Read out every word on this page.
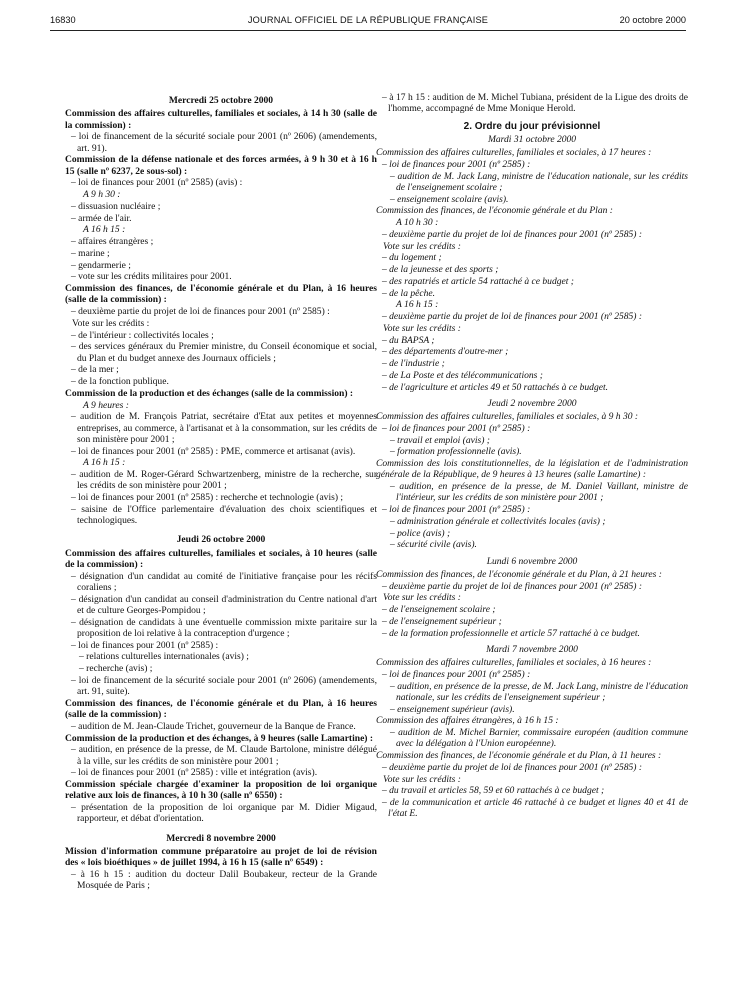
16830	JOURNAL OFFICIEL DE LA RÉPUBLIQUE FRANÇAISE	20 octobre 2000
Mercredi 25 octobre 2000

Commission des affaires culturelles, familiales et sociales, à 14 h 30 (salle de la commission) :

– loi de financement de la sécurité sociale pour 2001 (nº 2606) (amendements, art. 91).

Commission de la défense nationale et des forces armées, à 9 h 30 et à 16 h 15 (salle nº 6237, 2e sous-sol) :

– loi de finances pour 2001 (nº 2585) (avis) :

A 9 h 30 :

– dissuasion nucléaire ;

– armée de l'air.

A 16 h 15 :

– affaires étrangères ;

– marine ;

– gendarmerie ;

– vote sur les crédits militaires pour 2001.

Commission des finances, de l'économie générale et du Plan, à 16 heures (salle de la commission) :

– deuxième partie du projet de loi de finances pour 2001 (nº 2585) :

Vote sur les crédits :

– de l'intérieur : collectivités locales ;

– des services généraux du Premier ministre, du Conseil économique et social, du Plan et du budget annexe des Journaux officiels ;

– de la mer ;

– de la fonction publique.

Commission de la production et des échanges (salle de la commission) :

A 9 heures :

– audition de M. François Patriat, secrétaire d'Etat aux petites et moyennes entreprises, au commerce, à l'artisanat et à la consommation, sur les crédits de son ministère pour 2001 ;

– loi de finances pour 2001 (nº 2585) : PME, commerce et artisanat (avis).

A 16 h 15 :

– audition de M. Roger-Gérard Schwartzenberg, ministre de la recherche, sur les crédits de son ministère pour 2001 ;

– loi de finances pour 2001 (nº 2585) : recherche et technologie (avis) ;

– saisine de l'Office parlementaire d'évaluation des choix scientifiques et technologiques.

Jeudi 26 octobre 2000

Commission des affaires culturelles, familiales et sociales, à 10 heures (salle de la commission) :

– désignation d'un candidat au comité de l'initiative française pour les récifs coraliens ;

– désignation d'un candidat au conseil d'administration du Centre national d'art et de culture Georges-Pompidou ;

– désignation de candidats à une éventuelle commission mixte paritaire sur la proposition de loi relative à la contraception d'urgence ;

– loi de finances pour 2001 (nº 2585) :

– relations culturelles internationales (avis) ;

– recherche (avis) ;

– loi de financement de la sécurité sociale pour 2001 (nº 2606) (amendements, art. 91, suite).

Commission des finances, de l'économie générale et du Plan, à 16 heures (salle de la commission) :

– audition de M. Jean-Claude Trichet, gouverneur de la Banque de France.

Commission de la production et des échanges, à 9 heures (salle Lamartine) :

– audition, en présence de la presse, de M. Claude Bartolone, ministre délégué à la ville, sur les crédits de son ministère pour 2001 ;

– loi de finances pour 2001 (nº 2585) : ville et intégration (avis).

Commission spéciale chargée d'examiner la proposition de loi organique relative aux lois de finances, à 10 h 30 (salle nº 6550) :

– présentation de la proposition de loi organique par M. Didier Migaud, rapporteur, et débat d'orientation.

Mercredi 8 novembre 2000

Mission d'information commune préparatoire au projet de loi de révision des « lois bioéthiques » de juillet 1994, à 16 h 15 (salle nº 6549) :

– à 16 h 15 : audition du docteur Dalil Boubakeur, recteur de la Grande Mosquée de Paris ;

– à 17 h 15 : audition de M. Michel Tubiana, président de la Ligue des droits de l'homme, accompagné de Mme Monique Herold.

2. Ordre du jour prévisionnel
Mardi 31 octobre 2000

Commission des affaires culturelles, familiales et sociales, à 17 heures :

– loi de finances pour 2001 (nº 2585) :

– audition de M. Jack Lang, ministre de l'éducation nationale, sur les crédits de l'enseignement scolaire ;

– enseignement scolaire (avis).

Commission des finances, de l'économie générale et du Plan :

A 10 h 30 :

– deuxième partie du projet de loi de finances pour 2001 (nº 2585) :

Vote sur les crédits :

– du logement ;

– de la jeunesse et des sports ;

– des rapatriés et article 54 rattaché à ce budget ;

– de la pêche.

A 16 h 15 :

– deuxième partie du projet de loi de finances pour 2001 (nº 2585) :

Vote sur les crédits :

– du BAPSA ;

– des départements d'outre-mer ;

– de l'industrie ;

– de La Poste et des télécommunications ;

– de l'agriculture et articles 49 et 50 rattachés à ce budget.

Jeudi 2 novembre 2000

Commission des affaires culturelles, familiales et sociales, à 9 h 30 :

– loi de finances pour 2001 (nº 2585) :

– travail et emploi (avis) ;

– formation professionnelle (avis).

Commission des lois constitutionnelles, de la législation et de l'administration générale de la République, de 9 heures à 13 heures (salle Lamartine) :

– audition, en présence de la presse, de M. Daniel Vaillant, ministre de l'intérieur, sur les crédits de son ministère pour 2001 ;

– loi de finances pour 2001 (nº 2585) :

– administration générale et collectivités locales (avis) ;

– police (avis) ;

– sécurité civile (avis).

Lundi 6 novembre 2000

Commission des finances, de l'économie générale et du Plan, à 21 heures :

– deuxième partie du projet de loi de finances pour 2001 (nº 2585) :

Vote sur les crédits :

– de l'enseignement scolaire ;

– de l'enseignement supérieur ;

– de la formation professionnelle et article 57 rattaché à ce budget.

Mardi 7 novembre 2000

Commission des affaires culturelles, familiales et sociales, à 16 heures :

– loi de finances pour 2001 (nº 2585) :

– audition, en présence de la presse, de M. Jack Lang, ministre de l'éducation nationale, sur les crédits de l'enseignement supérieur ;

– enseignement supérieur (avis).

Commission des affaires étrangères, à 16 h 15 :

– audition de M. Michel Barnier, commissaire européen (audition commune avec la délégation à l'Union européenne).

Commission des finances, de l'économie générale et du Plan, à 11 heures :

– deuxième partie du projet de loi de finances pour 2001 (nº 2585) :

Vote sur les crédits :

– du travail et articles 58, 59 et 60 rattachés à ce budget ;

– de la communication et article 46 rattaché à ce budget et lignes 40 et 41 de l'état E.
